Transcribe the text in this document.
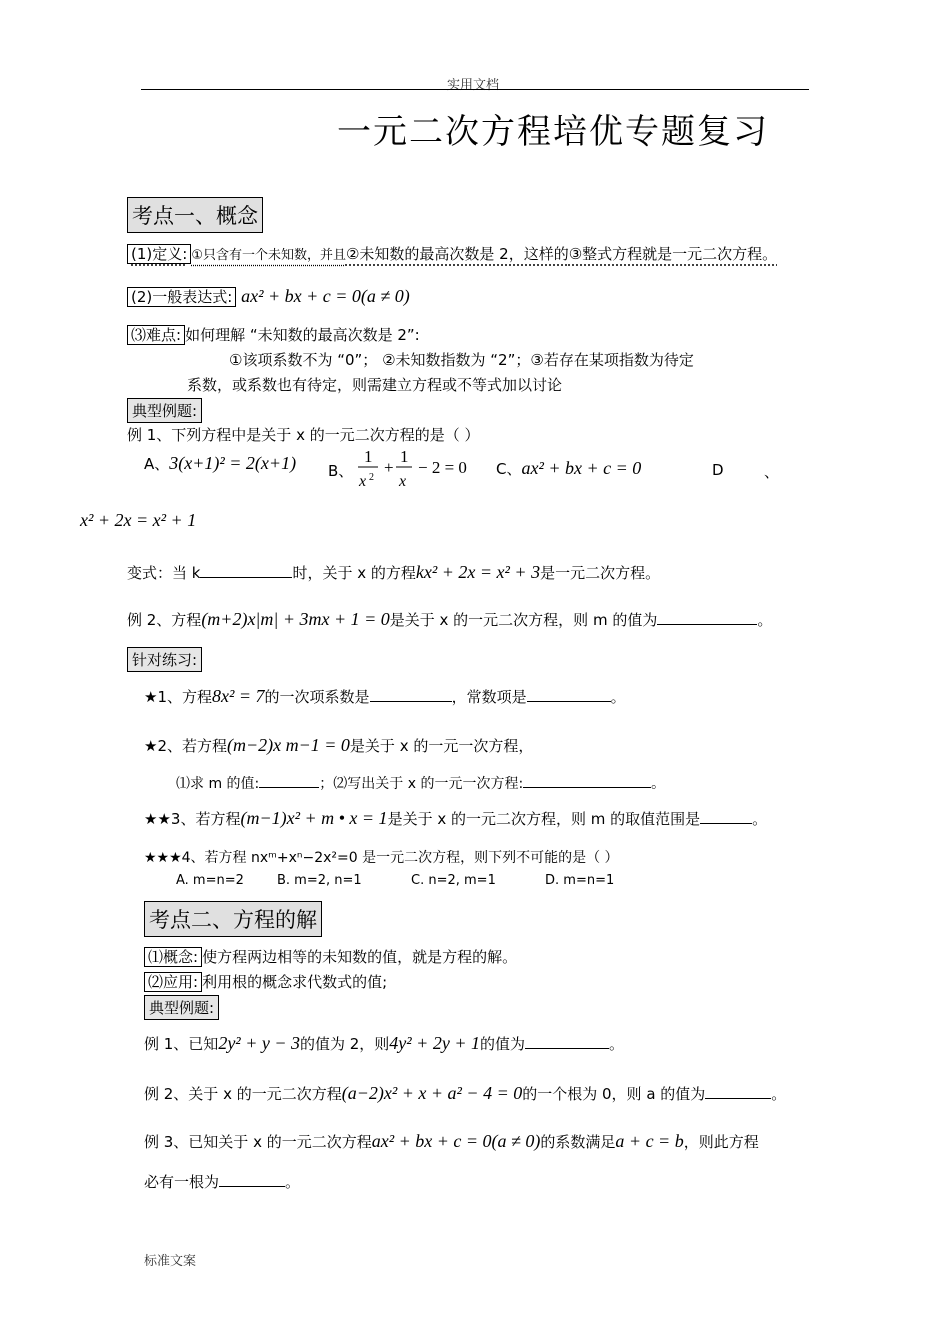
实用文档
一元二次方程培优专题复习
考点一、概念
(1)定义: ①只含有一个未知数，并且②未知数的最高次数是 2，这样的③整式方程就是一元二次方程。
(2)一般表达式: ax² + bx + c = 0(a ≠ 0)
⑶难点: 如何理解 “未知数的最高次数是 2”:
①该项系数不为 “0”； ②未知数指数为 “2”；③若存在某项指数为待定
系数，或系数也有待定，则需建立方程或不等式加以讨论
典型例题:
例 1、下列方程中是关于 x 的一元二次方程的是（ ）
A、3(x+1)² = 2(x+1) B、
1
x 2
+
1
x
− 2 = 0 C、ax² + bx + c = 0	D	、
x² + 2x = x² + 1
变式：当 k	时，关于 x 的方程kx² + 2x = x² + 3是一元二次方程。
例 2、方程(m+2)x|m| + 3mx + 1 = 0是关于 x 的一元二次方程，则 m 的值为	。
针对练习:
★1、方程8x² = 7的一次项系数是	，常数项是	。
★2、若方程(m−2)x m−1 = 0是关于 x 的一元一次方程，
⑴求 m 的值:	；⑵写出关于 x 的一元一次方程:	。
★★3、若方程(m−1)x² + m • x = 1是关于 x 的一元二次方程，则 m 的取值范围是	。
★★★4、若方程 nxᵐ+xⁿ−2x²=0 是一元二次方程，则下列不可能的是（ ）
A. m=n=2	B. m=2, n=1	C. n=2, m=1	D. m=n=1
考点二、方程的解
⑴概念: 使方程两边相等的未知数的值，就是方程的解。
⑵应用: 利用根的概念求代数式的值;
典型例题:
例 1、已知2y² + y − 3的值为 2，则4y² + 2y + 1的值为	。
例 2、关于 x 的一元二次方程(a−2)x² + x + a² − 4 = 0的一个根为 0，则 a 的值为	。
例 3、已知关于 x 的一元二次方程ax² + bx + c = 0(a ≠ 0)的系数满足a + c = b，则此方程
必有一根为	。
标准文案
